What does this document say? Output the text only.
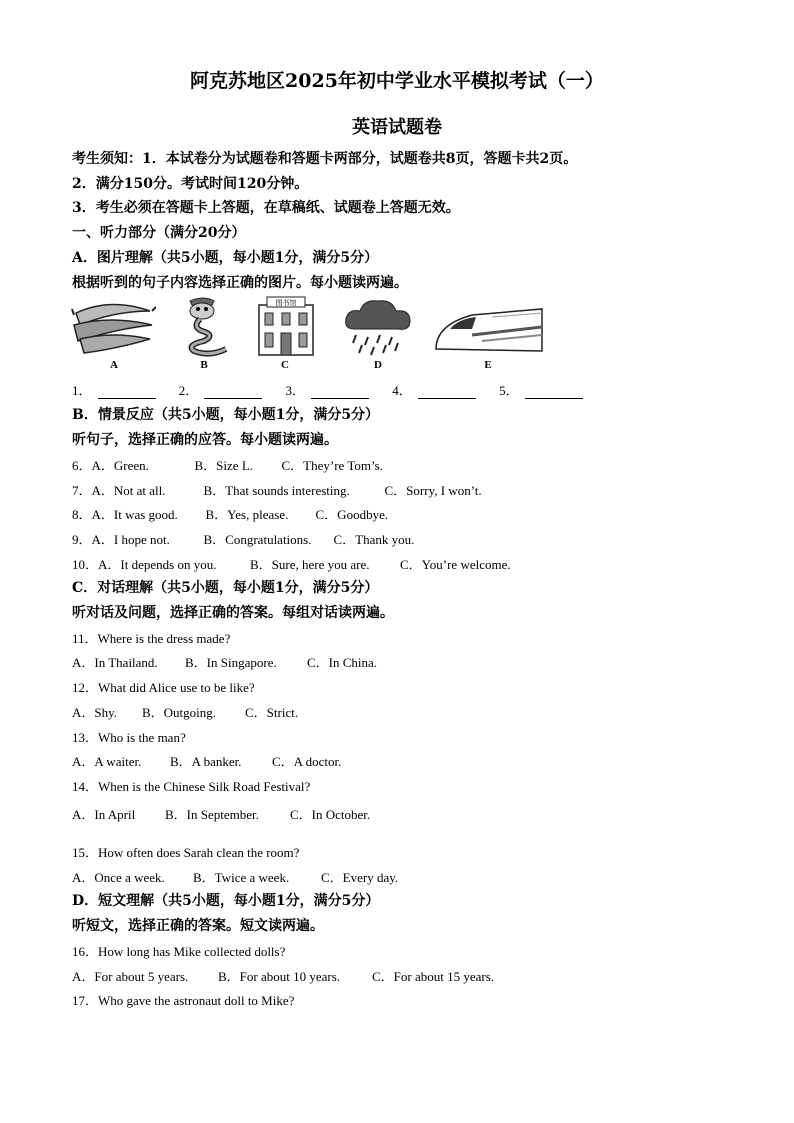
阿克苏地区2025年初中学业水平模拟考试（一）
英语试题卷
考生须知：1．本试卷分为试题卷和答题卡两部分，试题卷共8页，答题卡共2页。
2．满分150分。考试时间120分钟。
3．考生必须在答题卡上答题，在草稿纸、试题卷上答题无效。
一、听力部分（满分20分）
A．图片理解（共5小题，每小题1分，满分5分）
根据听到的句子内容选择正确的图片。每小题读两遍。
A	B
图书馆
C	D	E
1．	2．	3．	4．	5．
B．情景反应（共5小题，每小题1分，满分5分）
听句子，选择正确的应答。每小题读两遍。
6．A．Green.	B．Size L. C．They’re Tom’s.
7．A．Not at all.	B．That sounds interesting.	C．Sorry, I won’t.
8．A．It was good. B．Yes, please. C．Goodbye.
9．A．I hope not.	B．Congratulations. C．Thank you.
10．A．It depends on you.	B．Sure, here you are. C．You’re welcome.
C．对话理解（共5小题，每小题1分，满分5分）
听对话及问题，选择正确的答案。每组对话读两遍。
11．Where is the dress made?
A．In Thailand. B．In Singapore. C．In China.
12．What did Alice use to be like?
A．Shy. B．Outgoing. C．Strict.
13．Who is the man?
A．A waiter. B．A banker. C．A doctor.
14．When is the Chinese Silk Road Festival?
A．In April B．In September. C．In October.
15．How often does Sarah clean the room?
A．Once a week. B．Twice a week. C．Every day.
D．短文理解（共5小题，每小题1分，满分5分）
听短文，选择正确的答案。短文读两遍。
16．How long has Mike collected dolls?
A．For about 5 years. B．For about 10 years. C．For about 15 years.
17．Who gave the astronaut doll to Mike?
